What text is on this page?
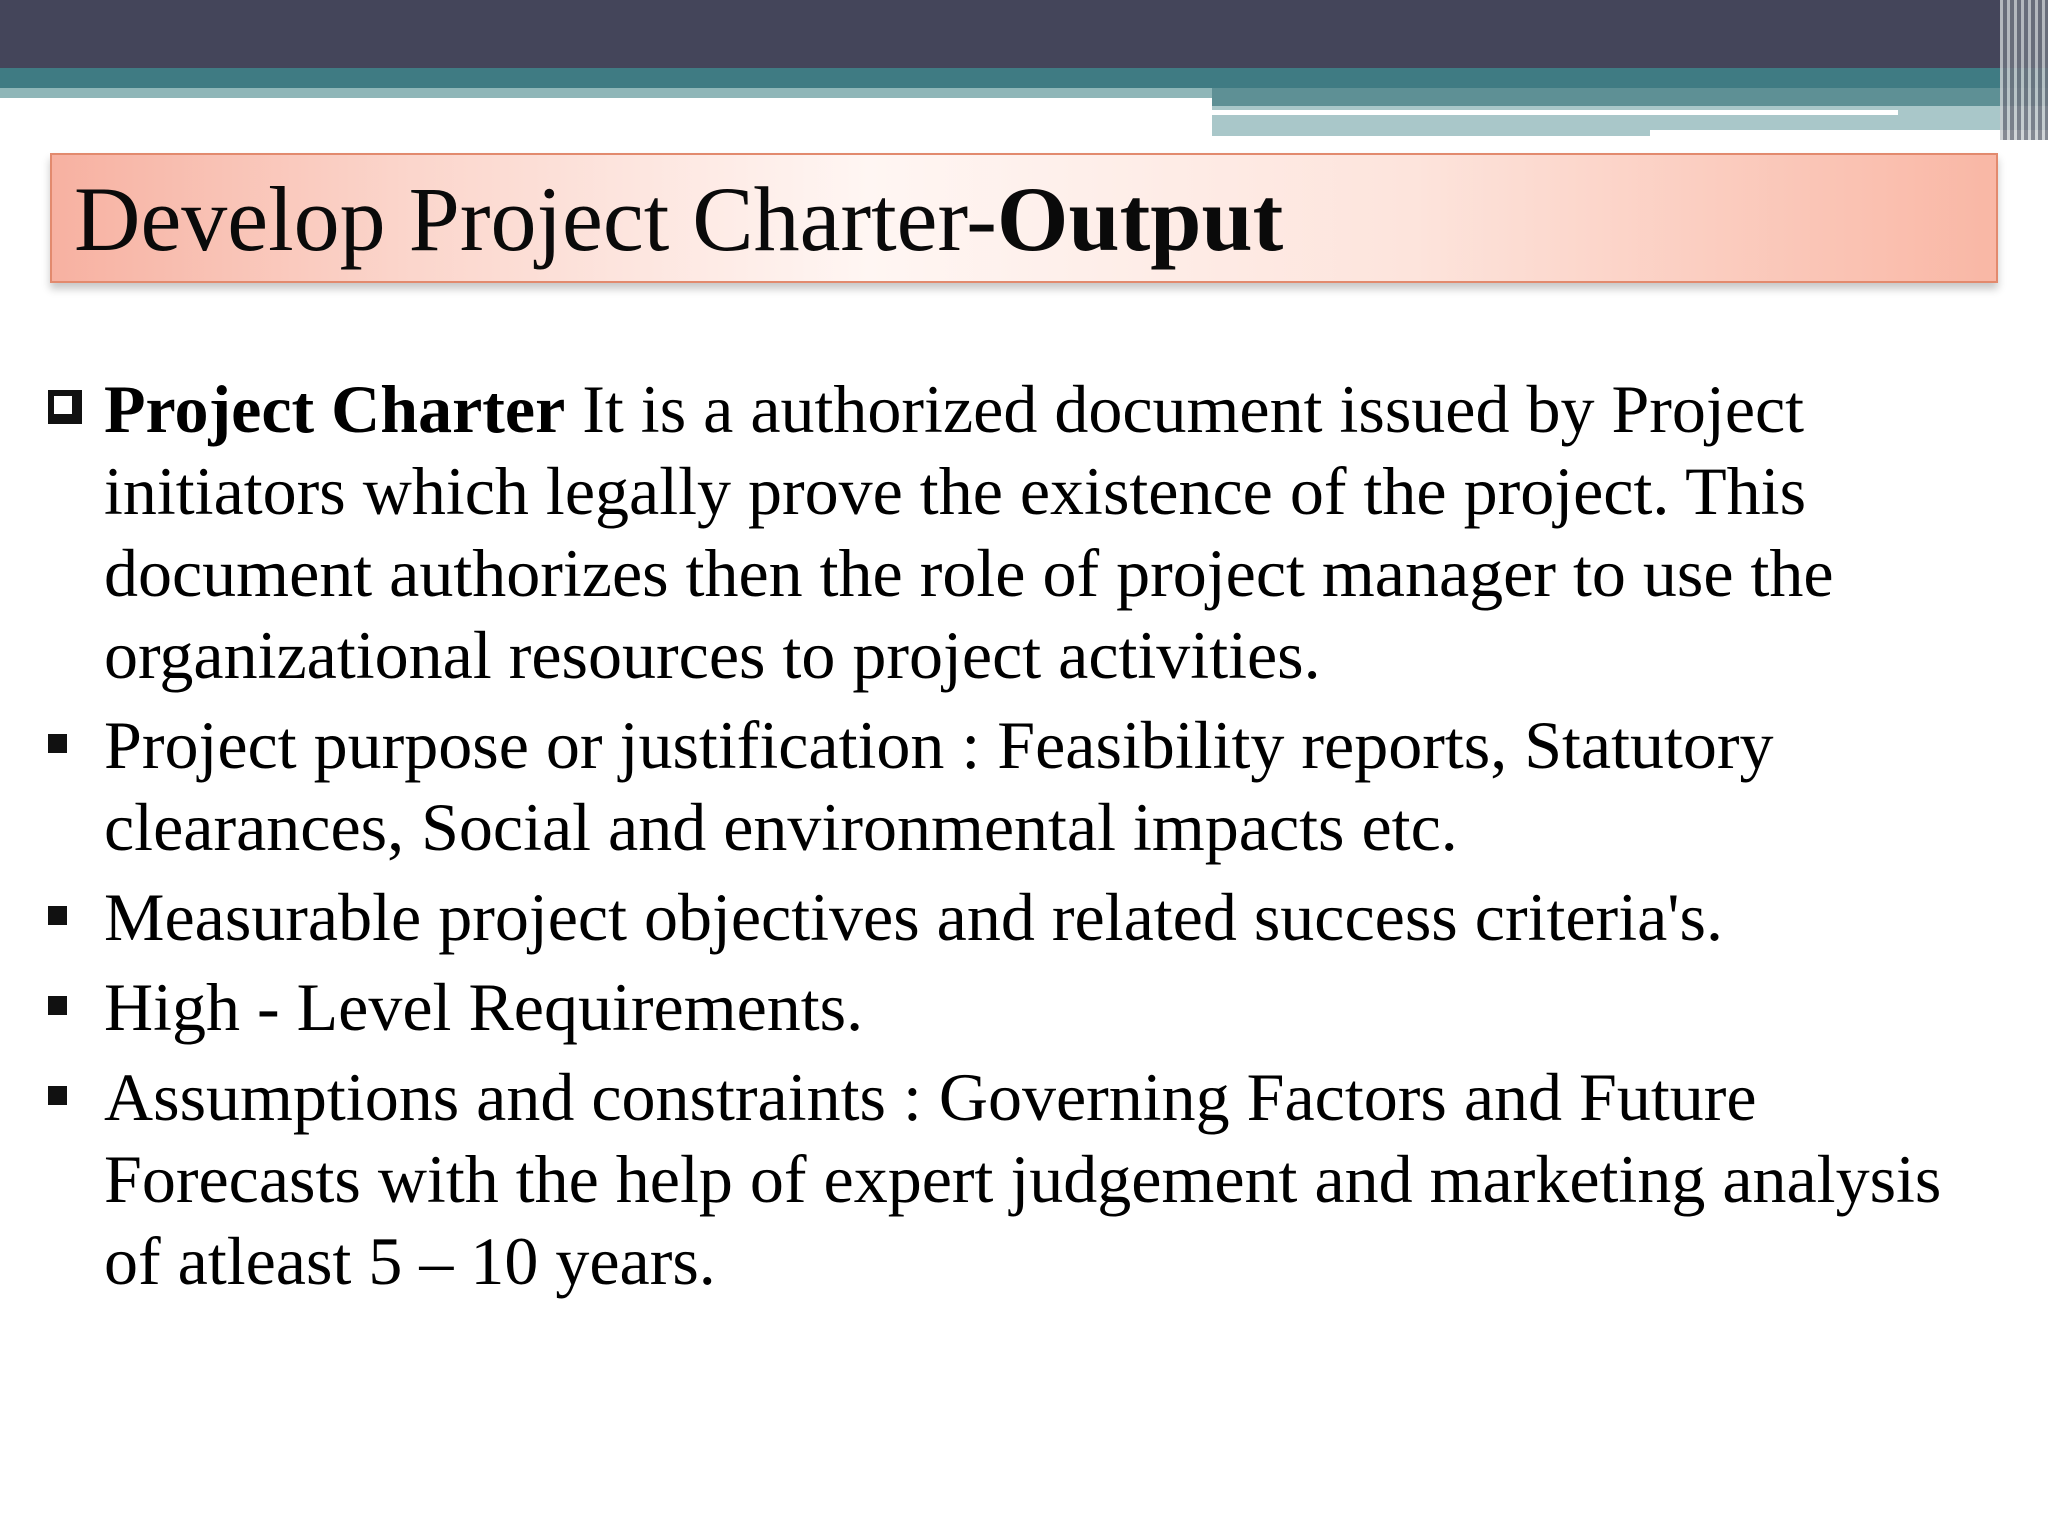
Develop Project Charter-Output
Project Charter It is a authorized document issued by Project initiators which legally prove the existence of the project. This document authorizes then the role of project manager to use the organizational resources to project activities.
Project purpose or justification : Feasibility reports, Statutory clearances, Social and environmental impacts etc.
Measurable project objectives and related success criteria's.
High - Level Requirements.
Assumptions and constraints : Governing Factors and Future Forecasts with the help of expert judgement and marketing analysis of atleast 5 – 10 years.
